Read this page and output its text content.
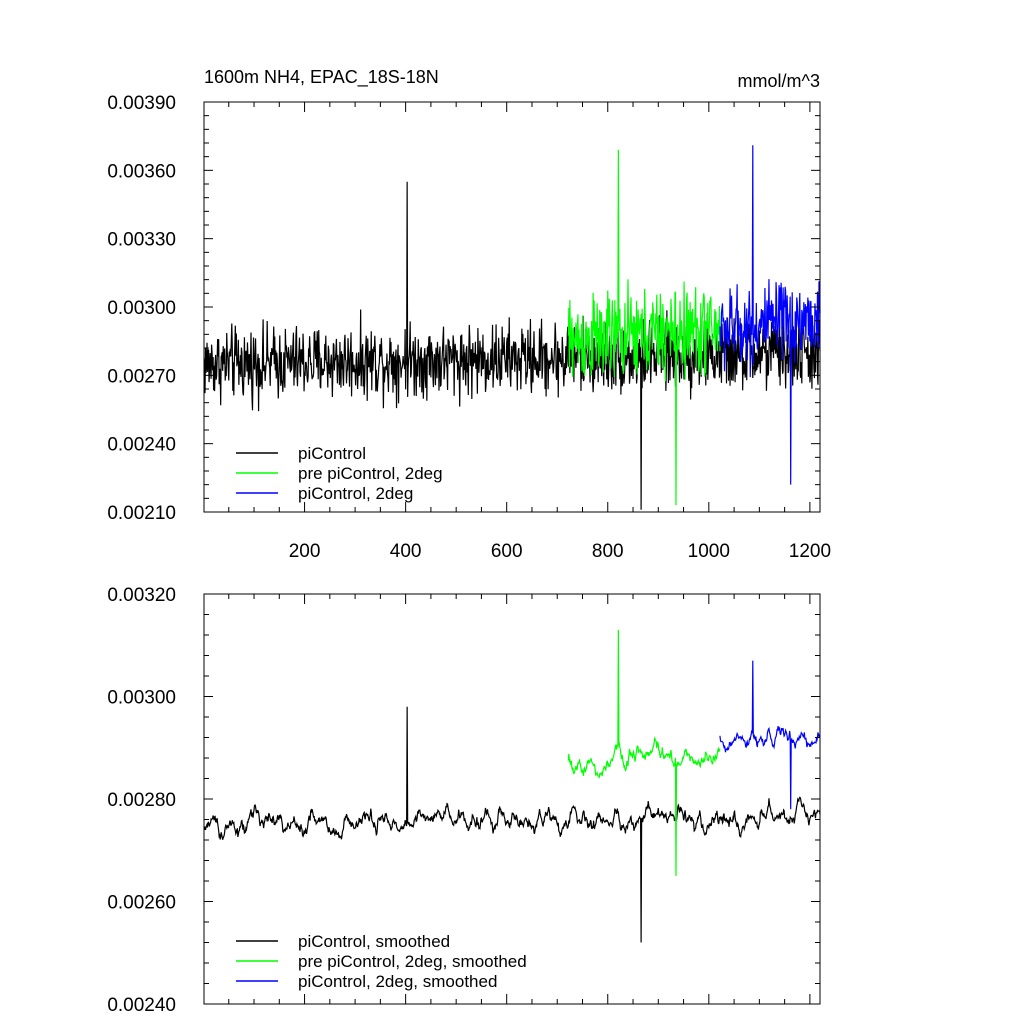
1600m NH4, EPAC_18S-18N	mmol/m^3
0.00210
0.00240
0.00270
0.00300
0.00330
0.00360
0.00390
200	400	600	800	1000	1200
piControl
pre piControl, 2deg
piControl, 2deg
0.00240
0.00260
0.00280
0.00300
0.00320
piControl, smoothed
pre piControl, 2deg, smoothed
piControl, 2deg, smoothed
